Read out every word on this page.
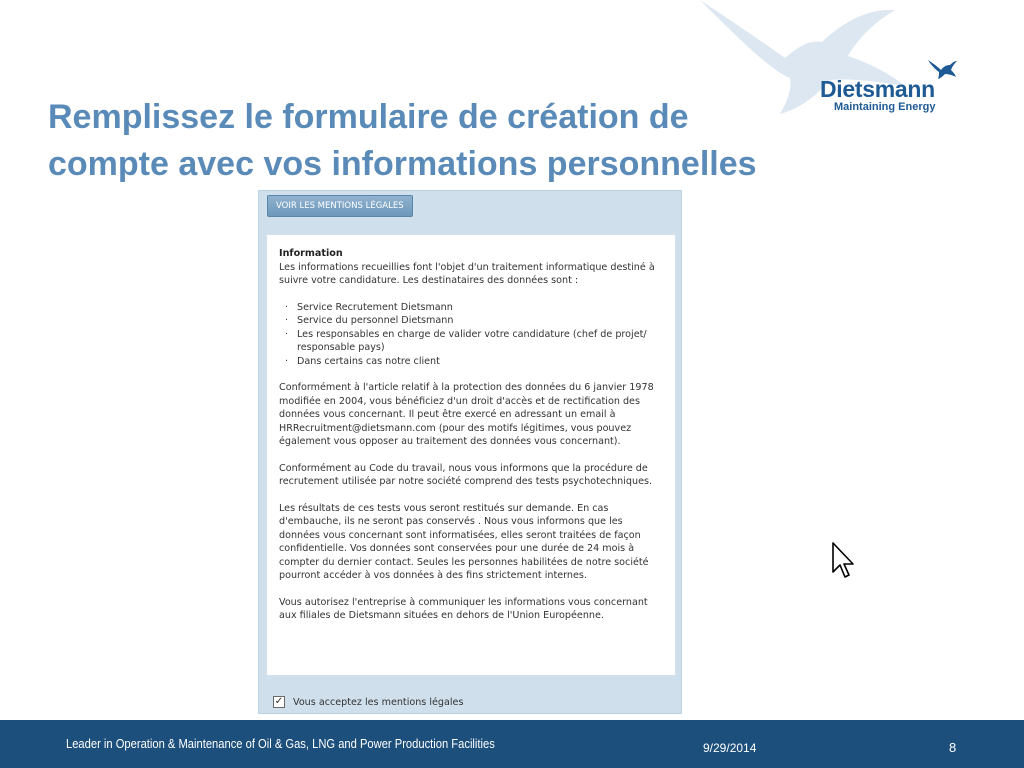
Dietsmann
Maintaining Energy
Remplissez le formulaire de création de compte avec vos informations personnelles
VOIR LES MENTIONS LÉGALES
Information

Les informations recueillies font l'objet d'un traitement informatique destiné à suivre votre candidature. Les destinataires des données sont :

· Service Recrutement Dietsmann
· Service du personnel Dietsmann
· Les responsables en charge de valider votre candidature (chef de projet/ responsable pays)
· Dans certains cas notre client

Conformément à l'article relatif à la protection des données du 6 janvier 1978 modifiée en 2004, vous bénéficiez d'un droit d'accès et de rectification des données vous concernant. Il peut être exercé en adressant un email à HRRecruitment@dietsmann.com (pour des motifs légitimes, vous pouvez également vous opposer au traitement des données vous concernant).

Conformément au Code du travail, nous vous informons que la procédure de recrutement utilisée par notre société comprend des tests psychotechniques.

Les résultats de ces tests vous seront restitués sur demande. En cas d'embauche, ils ne seront pas conservés . Nous vous informons que les données vous concernant sont informatisées, elles seront traitées de façon confidentielle. Vos données sont conservées pour une durée de 24 mois à compter du dernier contact. Seules les personnes habilitées de notre société pourront accéder à vos données à des fins strictement internes.

Vous autorisez l'entreprise à communiquer les informations vous concernant aux filiales de Dietsmann situées en dehors de l'Union Européenne.

✓ Vous acceptez les mentions légales
Leader in Operation & Maintenance of Oil & Gas, LNG and Power Production Facilities	9/29/2014	8
